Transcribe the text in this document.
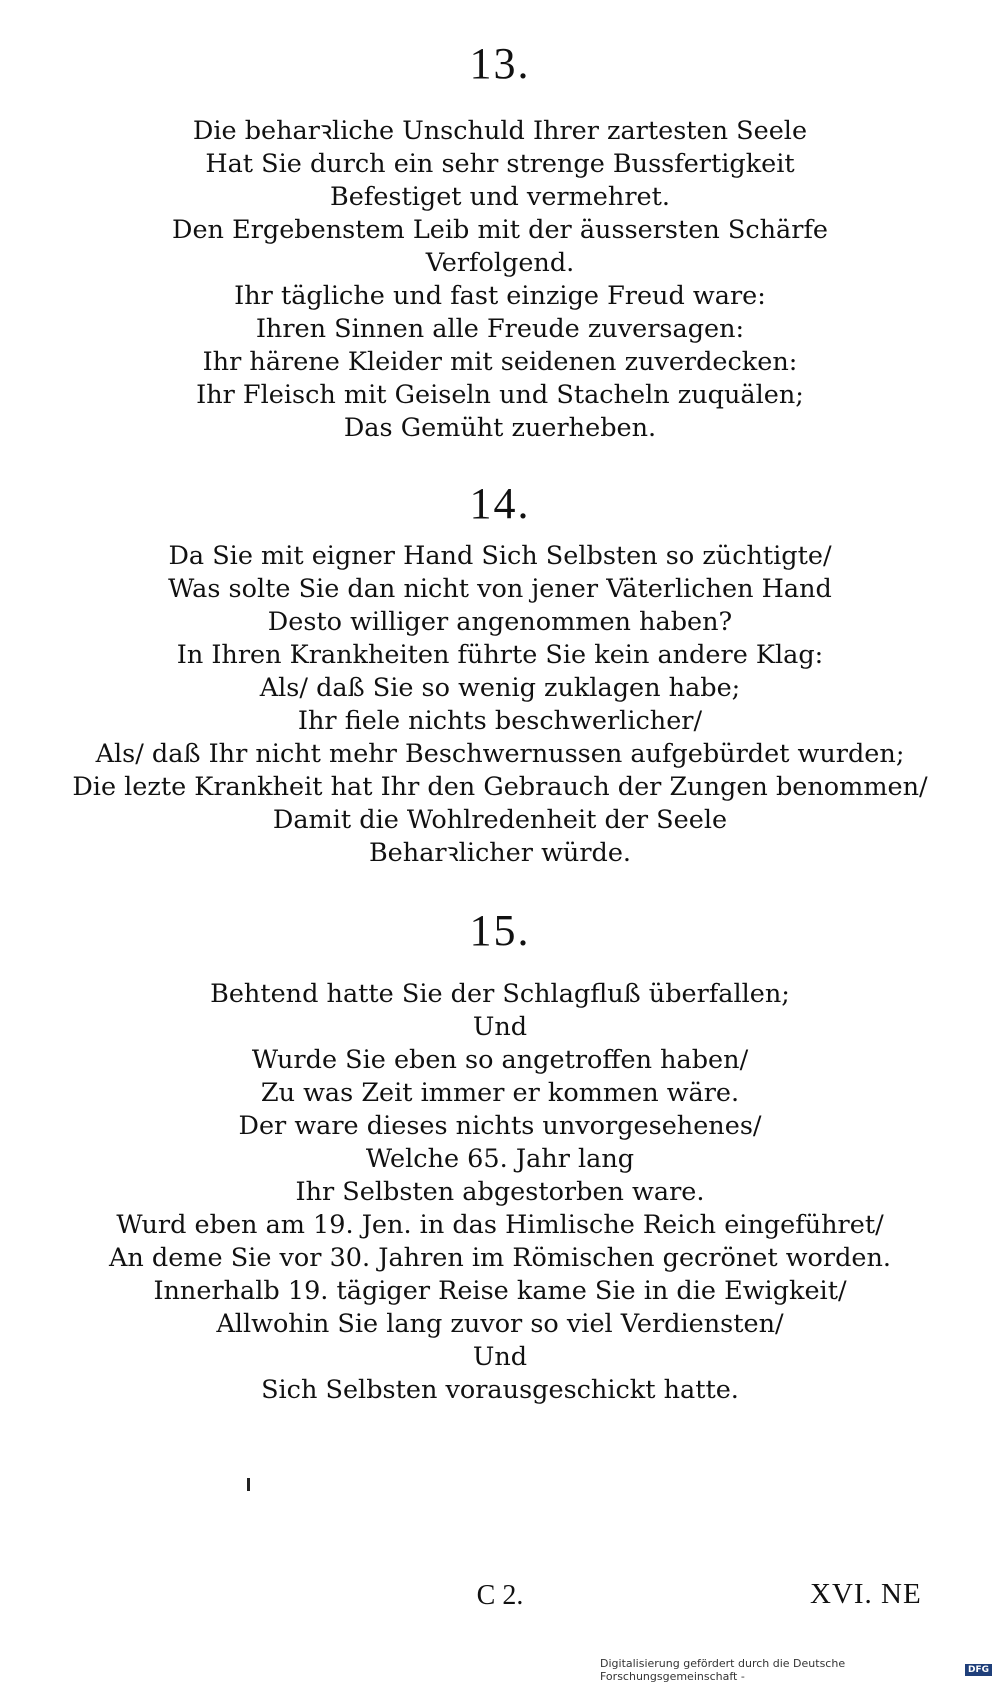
13.
Die beharꝛliche Unschuld Ihrer zartesten Seele
Hat Sie durch ein sehr strenge Bussfertigkeit
Befestiget und vermehret.
Den Ergebenstem Leib mit der äussersten Schärfe
Verfolgend.
Ihr tägliche und fast einzige Freud ware:
Ihren Sinnen alle Freude zuversagen:
Ihr härene Kleider mit seidenen zuverdecken:
Ihr Fleisch mit Geiseln und Stacheln zuquälen;
Das Gemüht zuerheben.
14.
Da Sie mit eigner Hand Sich Selbsten so züchtigte/
Was solte Sie dan nicht von jener Väterlichen Hand
Desto williger angenommen haben?
In Ihren Krankheiten führte Sie kein andere Klag:
Als/ daß Sie so wenig zuklagen habe;
Ihr fiele nichts beschwerlicher/
Als/ daß Ihr nicht mehr Beschwernussen aufgebürdet wurden;
Die lezte Krankheit hat Ihr den Gebrauch der Zungen benommen/
Damit die Wohlredenheit der Seele
Beharꝛlicher würde.
15.
Behtend hatte Sie der Schlagfluß überfallen;
Und
Wurde Sie eben so angetroffen haben/
Zu was Zeit immer er kommen wäre.
Der ware dieses nichts unvorgesehenes/
Welche 65. Jahr lang
Ihr Selbsten abgestorben ware.
Wurd eben am 19. Jen. in das Himlische Reich eingeführet/
An deme Sie vor 30. Jahren im Römischen gecrönet worden.
Innerhalb 19. tägiger Reise kame Sie in die Ewigkeit/
Allwohin Sie lang zuvor so viel Verdiensten/
Und
Sich Selbsten vorausgeschickt hatte.
C 2.	XVI. NE
Digitalisierung gefördert durch die Deutsche Forschungsgemeinschaft -	DFG
